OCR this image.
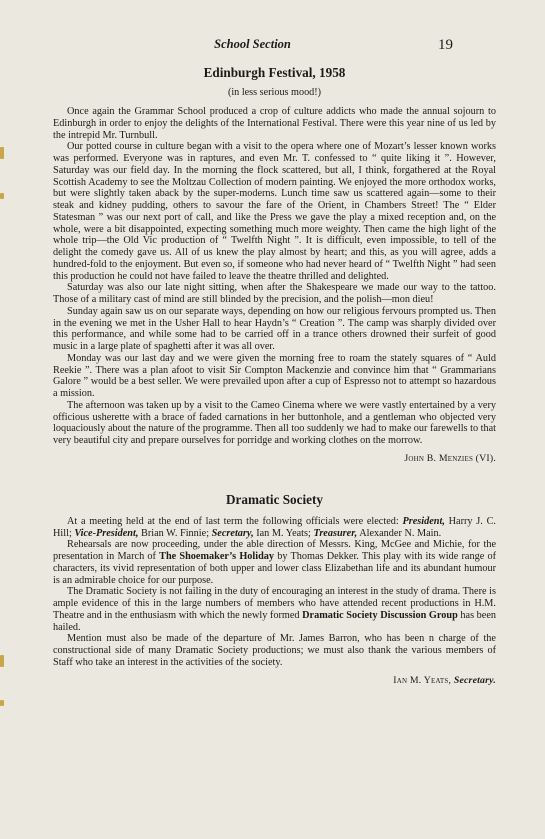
School Section	19
Edinburgh Festival, 1958
(in less serious mood!)

Once again the Grammar School produced a crop of culture addicts who made the annual sojourn to Edinburgh in order to enjoy the delights of the International Festival. There were this year nine of us led by the intrepid Mr. Turnbull.

Our potted course in culture began with a visit to the opera where one of Mozart’s lesser known works was performed. Everyone was in raptures, and even Mr. T. confessed to “ quite liking it ”. However, Saturday was our field day. In the morning the flock scattered, but all, I think, forgathered at the Royal Scottish Academy to see the Moltzau Collection of modern painting. We enjoyed the more orthodox works, but were slightly taken aback by the super-moderns. Lunch time saw us scattered again—some to their steak and kidney pudding, others to savour the fare of the Orient, in Chambers Street! The “ Elder Statesman ” was our next port of call, and like the Press we gave the play a mixed reception and, on the whole, were a bit disappointed, expecting something much more weighty. Then came the high light of the whole trip—the Old Vic production of “ Twelfth Night ”. It is difficult, even impossible, to tell of the delight the comedy gave us. All of us knew the play almost by heart; and this, as you will agree, adds a hundred-fold to the enjoyment. But even so, if someone who had never heard of “ Twelfth Night ” had seen this production he could not have failed to leave the theatre thrilled and delighted.

Saturday was also our late night sitting, when after the Shakespeare we made our way to the tattoo. Those of a military cast of mind are still blinded by the precision, and the polish—mon dieu!

Sunday again saw us on our separate ways, depending on how our religious fervours prompted us. Then in the evening we met in the Usher Hall to hear Haydn’s “ Creation ”. The camp was sharply divided over this performance, and while some had to be carried off in a trance others drowned their surfeit of good music in a large plate of spaghetti after it was all over.

Monday was our last day and we were given the morning free to roam the stately squares of “ Auld Reekie ”. There was a plan afoot to visit Sir Compton Mackenzie and convince him that “ Grammarians Galore ” would be a best seller. We were prevailed upon after a cup of Espresso not to attempt so hazardous a mission.

The afternoon was taken up by a visit to the Cameo Cinema where we were vastly entertained by a very officious usherette with a brace of faded carnations in her buttonhole, and a gentleman who objected very loquaciously about the nature of the programme. Then all too suddenly we had to make our farewells to that very beautiful city and prepare ourselves for porridge and working clothes on the morrow.

John B. Menzies (VI).
Dramatic Society

At a meeting held at the end of last term the following officials were elected: President, Harry J. C. Hill; Vice-President, Brian W. Finnie; Secretary, Ian M. Yeats; Treasurer, Alexander N. Main.

Rehearsals are now proceeding, under the able direction of Messrs. King, McGee and Michie, for the presentation in March of The Shoemaker’s Holiday by Thomas Dekker. This play with its wide range of characters, its vivid representation of both upper and lower class Elizabethan life and its abundant humour is an admirable choice for our purpose.

The Dramatic Society is not failing in the duty of encouraging an interest in the study of drama. There is ample evidence of this in the large numbers of members who have attended recent productions in H.M. Theatre and in the enthusiasm with which the newly formed Dramatic Society Discussion Group has been hailed.

Mention must also be made of the departure of Mr. James Barron, who has been n charge of the constructional side of many Dramatic Society productions; we must also thank the various members of Staff who take an interest in the activities of the society.

Ian M. Yeats, Secretary.
